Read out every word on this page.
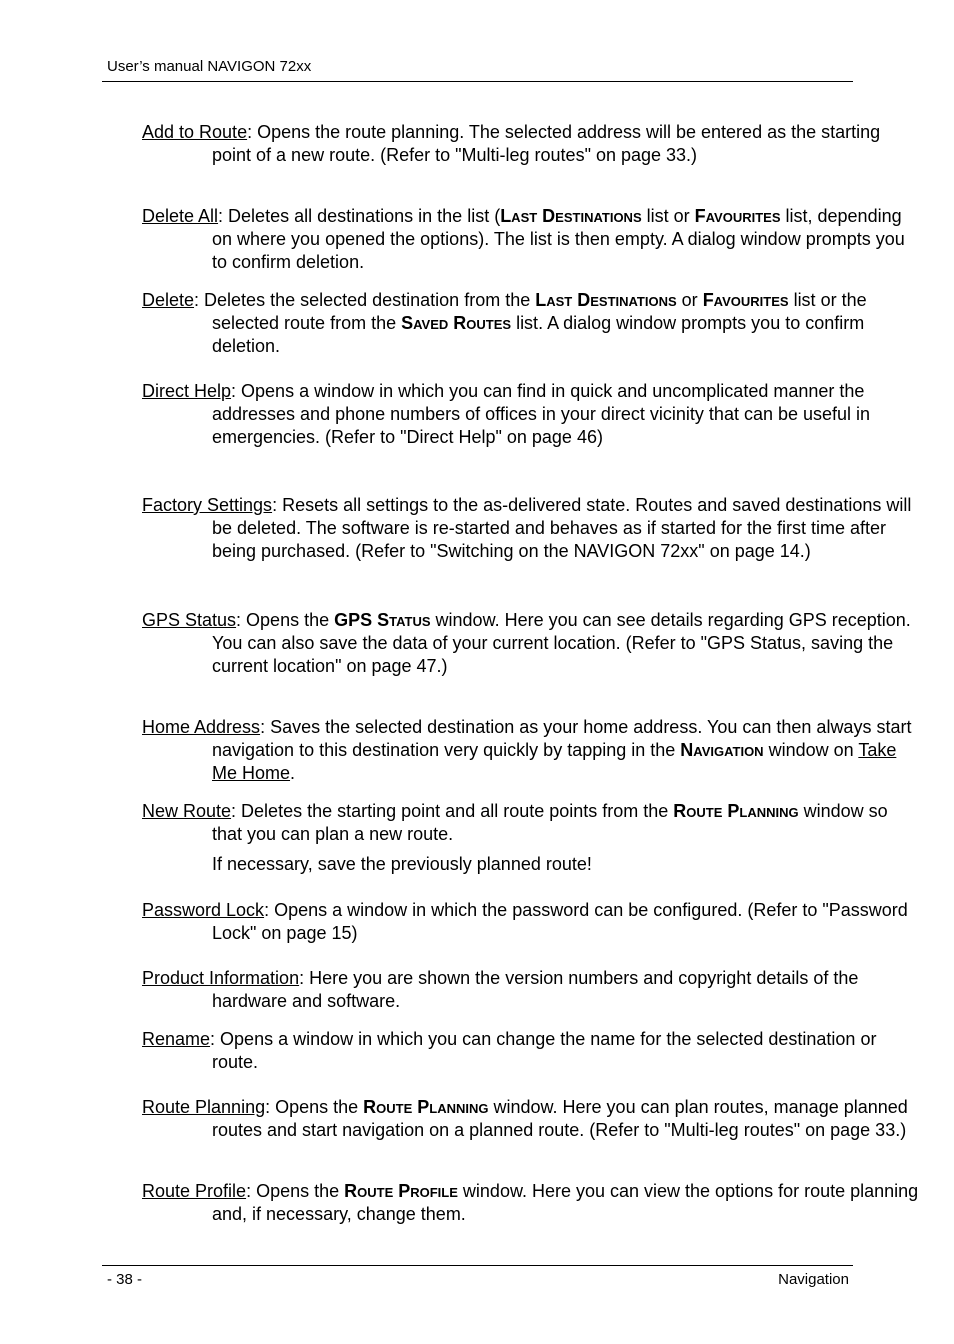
User’s manual NAVIGON 72xx

Add to Route: Opens the route planning. The selected address will be entered as the starting point of a new route. (Refer to "Multi-leg routes" on page 33.)

Delete All: Deletes all destinations in the list (Last Destinations list or Favourites list, depending on where you opened the options). The list is then empty. A dialog window prompts you to confirm deletion.

Delete: Deletes the selected destination from the Last Destinations or Favourites list or the selected route from the Saved Routes list. A dialog window prompts you to confirm deletion.

Direct Help: Opens a window in which you can find in quick and uncomplicated manner the addresses and phone numbers of offices in your direct vicinity that can be useful in emergencies. (Refer to "Direct Help" on page 46)

Factory Settings: Resets all settings to the as-delivered state. Routes and saved destinations will be deleted. The software is re-started and behaves as if started for the first time after being purchased. (Refer to "Switching on the NAVIGON 72xx" on page 14.)

GPS Status: Opens the GPS Status window. Here you can see details regarding GPS reception. You can also save the data of your current location. (Refer to "GPS Status, saving the current location" on page 47.)

Home Address: Saves the selected destination as your home address. You can then always start navigation to this destination very quickly by tapping in the Navigation window on Take Me Home.

New Route: Deletes the starting point and all route points from the Route Planning window so that you can plan a new route.

If necessary, save the previously planned route!

Password Lock: Opens a window in which the password can be configured. (Refer to "Password Lock" on page 15)

Product Information: Here you are shown the version numbers and copyright details of the hardware and software.

Rename: Opens a window in which you can change the name for the selected destination or route.

Route Planning: Opens the Route Planning window. Here you can plan routes, manage planned routes and start navigation on a planned route. (Refer to "Multi-leg routes" on page 33.)

Route Profile: Opens the Route Profile window. Here you can view the options for route planning and, if necessary, change them.

- 38 -	Navigation
